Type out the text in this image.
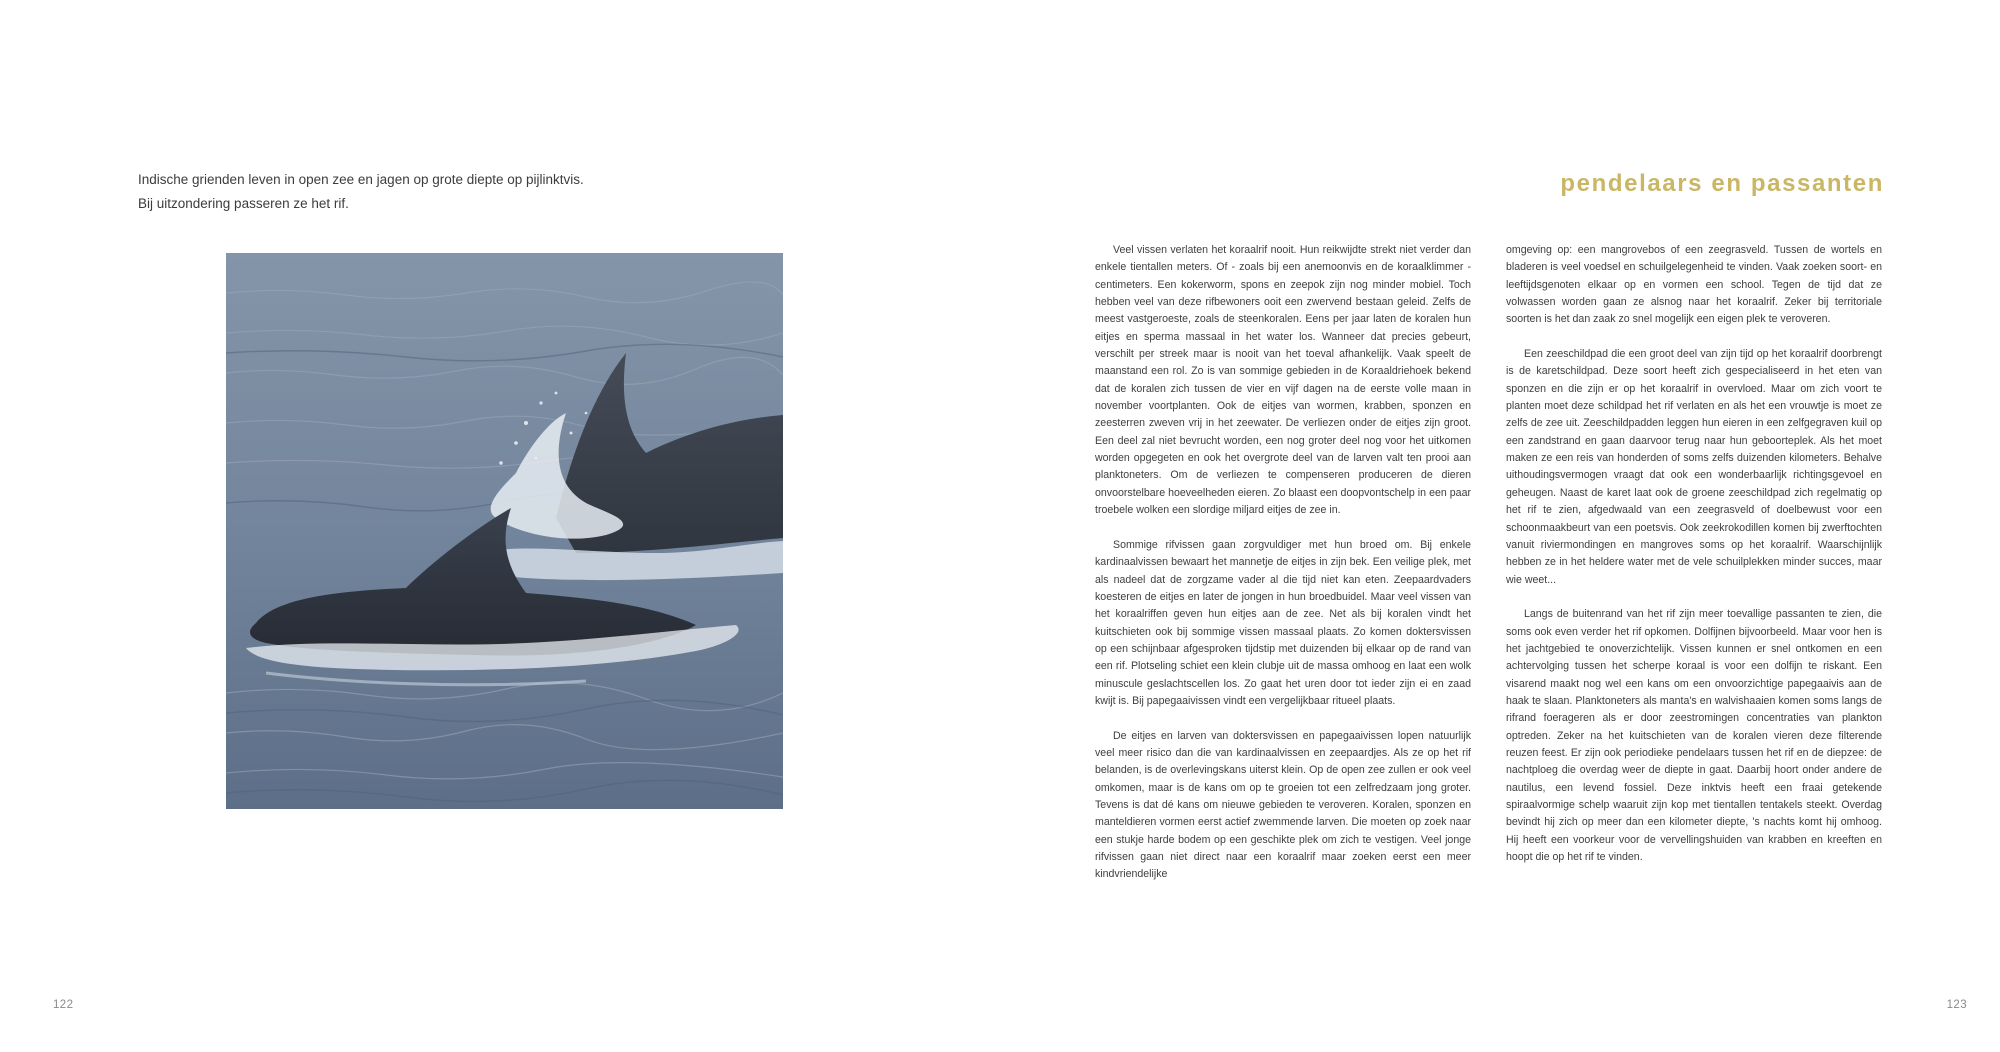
Indische grienden leven in open zee en jagen op grote diepte op pijlinktvis.

Bij uitzondering passeren ze het rif.

pendelaars en passanten

Veel vissen verlaten het koraalrif nooit. Hun reikwijdte strekt niet verder dan enkele tientallen meters. Of - zoals bij een anemoonvis en de koraalklimmer - centimeters. Een kokerworm, spons en zeepok zijn nog minder mobiel. Toch hebben veel van deze rifbewoners ooit een zwervend bestaan geleid. Zelfs de meest vastgeroeste, zoals de steenkoralen. Eens per jaar laten de koralen hun eitjes en sperma massaal in het water los. Wanneer dat precies gebeurt, verschilt per streek maar is nooit van het toeval afhankelijk. Vaak speelt de maanstand een rol. Zo is van sommige gebieden in de Koraaldriehoek bekend dat de koralen zich tussen de vier en vijf dagen na de eerste volle maan in november voortplanten. Ook de eitjes van wormen, krabben, sponzen en zeesterren zweven vrij in het zeewater. De verliezen onder de eitjes zijn groot. Een deel zal niet bevrucht worden, een nog groter deel nog voor het uitkomen worden opgegeten en ook het overgrote deel van de larven valt ten prooi aan planktoneters. Om de verliezen te compenseren produceren de dieren onvoorstelbare hoeveelheden eieren. Zo blaast een doopvontschelp in een paar troebele wolken een slordige miljard eitjes de zee in.

Sommige rifvissen gaan zorgvuldiger met hun broed om. Bij enkele kardinaalvissen bewaart het mannetje de eitjes in zijn bek. Een veilige plek, met als nadeel dat de zorgzame vader al die tijd niet kan eten. Zeepaardvaders koesteren de eitjes en later de jongen in hun broedbuidel. Maar veel vissen van het koraalriffen geven hun eitjes aan de zee. Net als bij koralen vindt het kuitschieten ook bij sommige vissen massaal plaats. Zo komen doktersvissen op een schijnbaar afgesproken tijdstip met duizenden bij elkaar op de rand van een rif. Plotseling schiet een klein clubje uit de massa omhoog en laat een wolk minuscule geslachtscellen los. Zo gaat het uren door tot ieder zijn ei en zaad kwijt is. Bij papegaaivissen vindt een vergelijkbaar ritueel plaats.

De eitjes en larven van doktersvissen en papegaaivissen lopen natuurlijk veel meer risico dan die van kardinaalvissen en zeepaardjes. Als ze op het rif belanden, is de overlevingskans uiterst klein. Op de open zee zullen er ook veel omkomen, maar is de kans om op te groeien tot een zelfredzaam jong groter. Tevens is dat dé kans om nieuwe gebieden te veroveren. Koralen, sponzen en manteldieren vormen eerst actief zwemmende larven. Die moeten op zoek naar een stukje harde bodem op een geschikte plek om zich te vestigen. Veel jonge rifvissen gaan niet direct naar een koraalrif maar zoeken eerst een meer kindvriendelijke

omgeving op: een mangrovebos of een zeegrasveld. Tussen de wortels en bladeren is veel voedsel en schuilgelegenheid te vinden. Vaak zoeken soort- en leeftijdsgenoten elkaar op en vormen een school. Tegen de tijd dat ze volwassen worden gaan ze alsnog naar het koraalrif. Zeker bij territoriale soorten is het dan zaak zo snel mogelijk een eigen plek te veroveren.

Een zeeschildpad die een groot deel van zijn tijd op het koraalrif doorbrengt is de karetschildpad. Deze soort heeft zich gespecialiseerd in het eten van sponzen en die zijn er op het koraalrif in overvloed. Maar om zich voort te planten moet deze schildpad het rif verlaten en als het een vrouwtje is moet ze zelfs de zee uit. Zeeschildpadden leggen hun eieren in een zelfgegraven kuil op een zandstrand en gaan daarvoor terug naar hun geboorteplek. Als het moet maken ze een reis van honderden of soms zelfs duizenden kilometers. Behalve uithoudingsvermogen vraagt dat ook een wonderbaarlijk richtingsgevoel en geheugen. Naast de karet laat ook de groene zeeschildpad zich regelmatig op het rif te zien, afgedwaald van een zeegrasveld of doelbewust voor een schoonmaakbeurt van een poetsvis. Ook zeekrokodillen komen bij zwerftochten vanuit riviermondingen en mangroves soms op het koraalrif. Waarschijnlijk hebben ze in het heldere water met de vele schuilplekken minder succes, maar wie weet...

Langs de buitenrand van het rif zijn meer toevallige passanten te zien, die soms ook even verder het rif opkomen. Dolfijnen bijvoorbeeld. Maar voor hen is het jachtgebied te onoverzichtelijk. Vissen kunnen er snel ontkomen en een achtervolging tussen het scherpe koraal is voor een dolfijn te riskant. Een visarend maakt nog wel een kans om een onvoorzichtige papegaaivis aan de haak te slaan. Planktoneters als manta's en walvishaaien komen soms langs de rifrand foerageren als er door zeestromingen concentraties van plankton optreden. Zeker na het kuitschieten van de koralen vieren deze filterende reuzen feest. Er zijn ook periodieke pendelaars tussen het rif en de diepzee: de nachtploeg die overdag weer de diepte in gaat. Daarbij hoort onder andere de nautilus, een levend fossiel. Deze inktvis heeft een fraai getekende spiraalvormige schelp waaruit zijn kop met tientallen tentakels steekt. Overdag bevindt hij zich op meer dan een kilometer diepte, 's nachts komt hij omhoog. Hij heeft een voorkeur voor de vervellingshuiden van krabben en kreeften en hoopt die op het rif te vinden.

122	123
